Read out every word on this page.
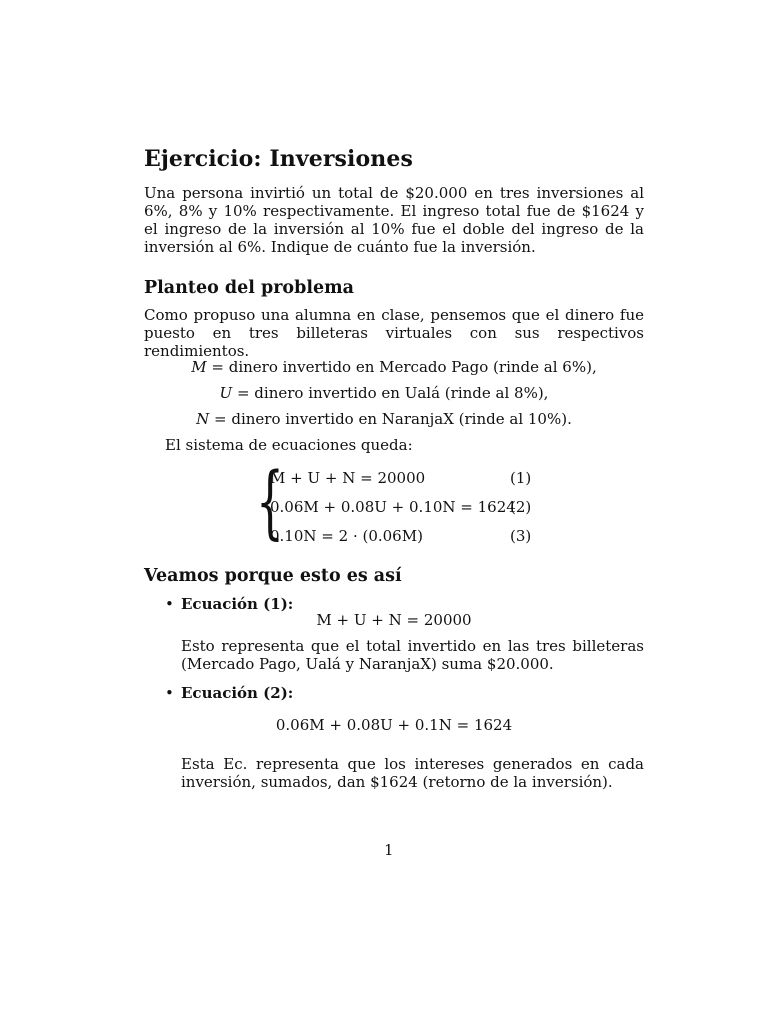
Ejercicio: Inversiones
Una persona invirtió un total de $20.000 en tres inversiones al 6%, 8% y 10% respectivamente. El ingreso total fue de $1624 y el ingreso de la inversión al 10% fue el doble del ingreso de la inversión al 6%. Indique de cuánto fue la inversión.
Planteo del problema
Como propuso una alumna en clase, pensemos que el dinero fue puesto en tres billeteras virtuales con sus respectivos rendimientos.
M = dinero invertido en Mercado Pago (rinde al 6%),
U = dinero invertido en Ualá (rinde al 8%),
N = dinero invertido en NaranjaX (rinde al 10%).
El sistema de ecuaciones queda:
{
M + U + N = 20000	(1)
0.06M + 0.08U + 0.10N = 1624
(2)
0.10N = 2 · (0.06M)	(3)
Veamos porque esto es así
• Ecuación (1):
M + U + N = 20000
Esto representa que el total invertido en las tres billeteras (Mercado Pago, Ualá y NaranjaX) suma $20.000.
• Ecuación (2):
0.06M + 0.08U + 0.1N = 1624
Esta Ec. representa que los intereses generados en cada inversión, sumados, dan $1624 (retorno de la inversión).
1
